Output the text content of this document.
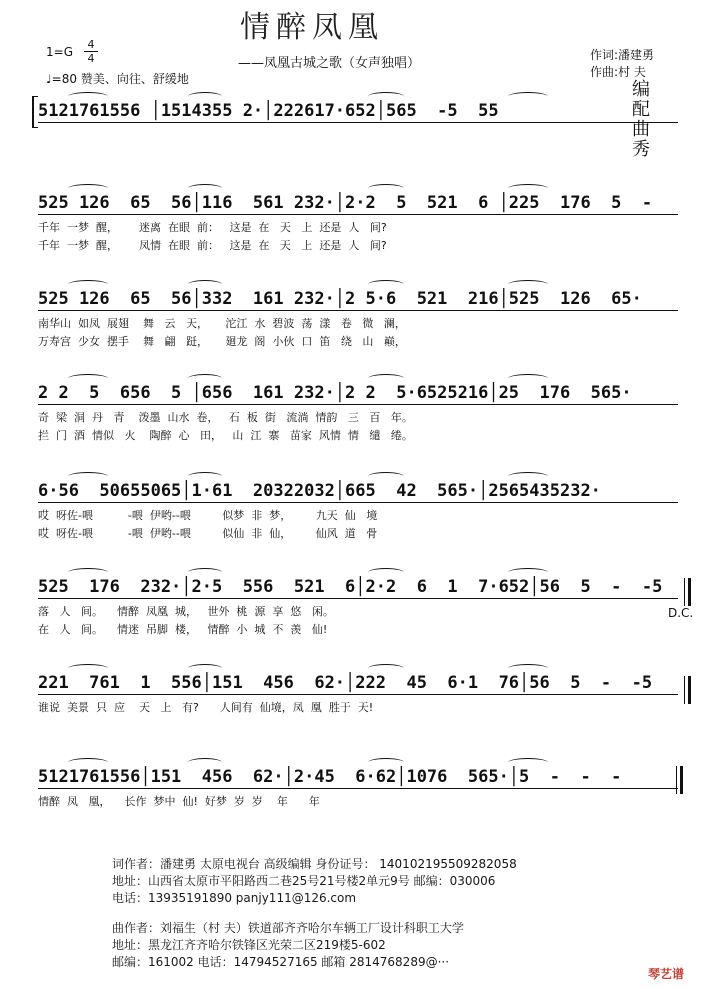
情醉凤凰
1=G
4
4
♩=80 赞美、向往、舒缓地
——凤凰古城之歌（女声独唱）
作词:潘建勇
作曲:村 夫
编　配
曲　秀
5121761556 │1514355 2·│222617·652│565  -5  55
525 126  65  56│116  561 232·│2·2  5  521  6 │225  176  5  -
千年  一梦  醒，      迷离  在眼  前：   这是  在   天   上  还是  人   间?
千年  一梦  醒，      凤情  在眼  前：   这是  在   天   上  还是  人   间?
525 126  65  56│332  161 232·│2 5·6  521  216│525  126  65·
南华山  如凤  展翅    舞   云   天，     沱江  水  碧波  荡  漾   卷   微   澜，
万寿宫  少女  摆手    舞   翩   跹，     廻龙  阁  小伙  口  笛   绕   山   巅，
2 2  5  656  5 │656  161 232·│2 2  5·6525216│25  176  565·
奇  梁  洞  丹   青    泼墨  山水  卷，   石  板  街   流淌  情韵   三   百   年。
拦  门  酒  情似   火    陶醉  心   田，   山  江  寨   苗家  风情  情   缱   绻。
6·56  50655065│1·61  20322032│665  42  565·│2565435232·
哎  呀佐-喂          -喂  伊哟--喂         似梦  非  梦，       九天  仙   境
哎  呀佐-喂          -喂  伊哟--喂         似仙  非  仙，       仙风  道   骨
525  176  232·│2·5  556  521  6│2·2  6  1  7·652│56  5  -  -5
落   人   间。    情醉  凤凰  城，   世外  桃  源  享  悠   闲。
在   人   间。    情迷  吊脚  楼，   情醉  小  城  不  羡   仙!
221  761  1  556│151  456  62·│222  45  6·1  76│56  5  -  -5
谁说  美景  只  应    天   上   有?      人间有  仙境，凤  凰  胜于  天!
5121761556│151  456  62·│2·45  6·62│1076  565·│5  -  -  -
情醉  凤   凰，    长作  梦中  仙!  好梦  岁  岁    年      年
D.C.
词作者：潘建勇 太原电视台 高级编辑 身份证号： 140102195509282058
地址：山西省太原市平阳路西二巷25号21号楼2单元9号 邮编：030006
电话：13935191890 panjy111@126.com
曲作者：刘福生（村 夫）铁道部齐齐哈尔车辆工厂设计科职工大学
地址：黑龙江齐齐哈尔铁锋区光荣二区219楼5-602
邮编：161002 电话：14794527165 邮箱 2814768289@···
琴艺谱
